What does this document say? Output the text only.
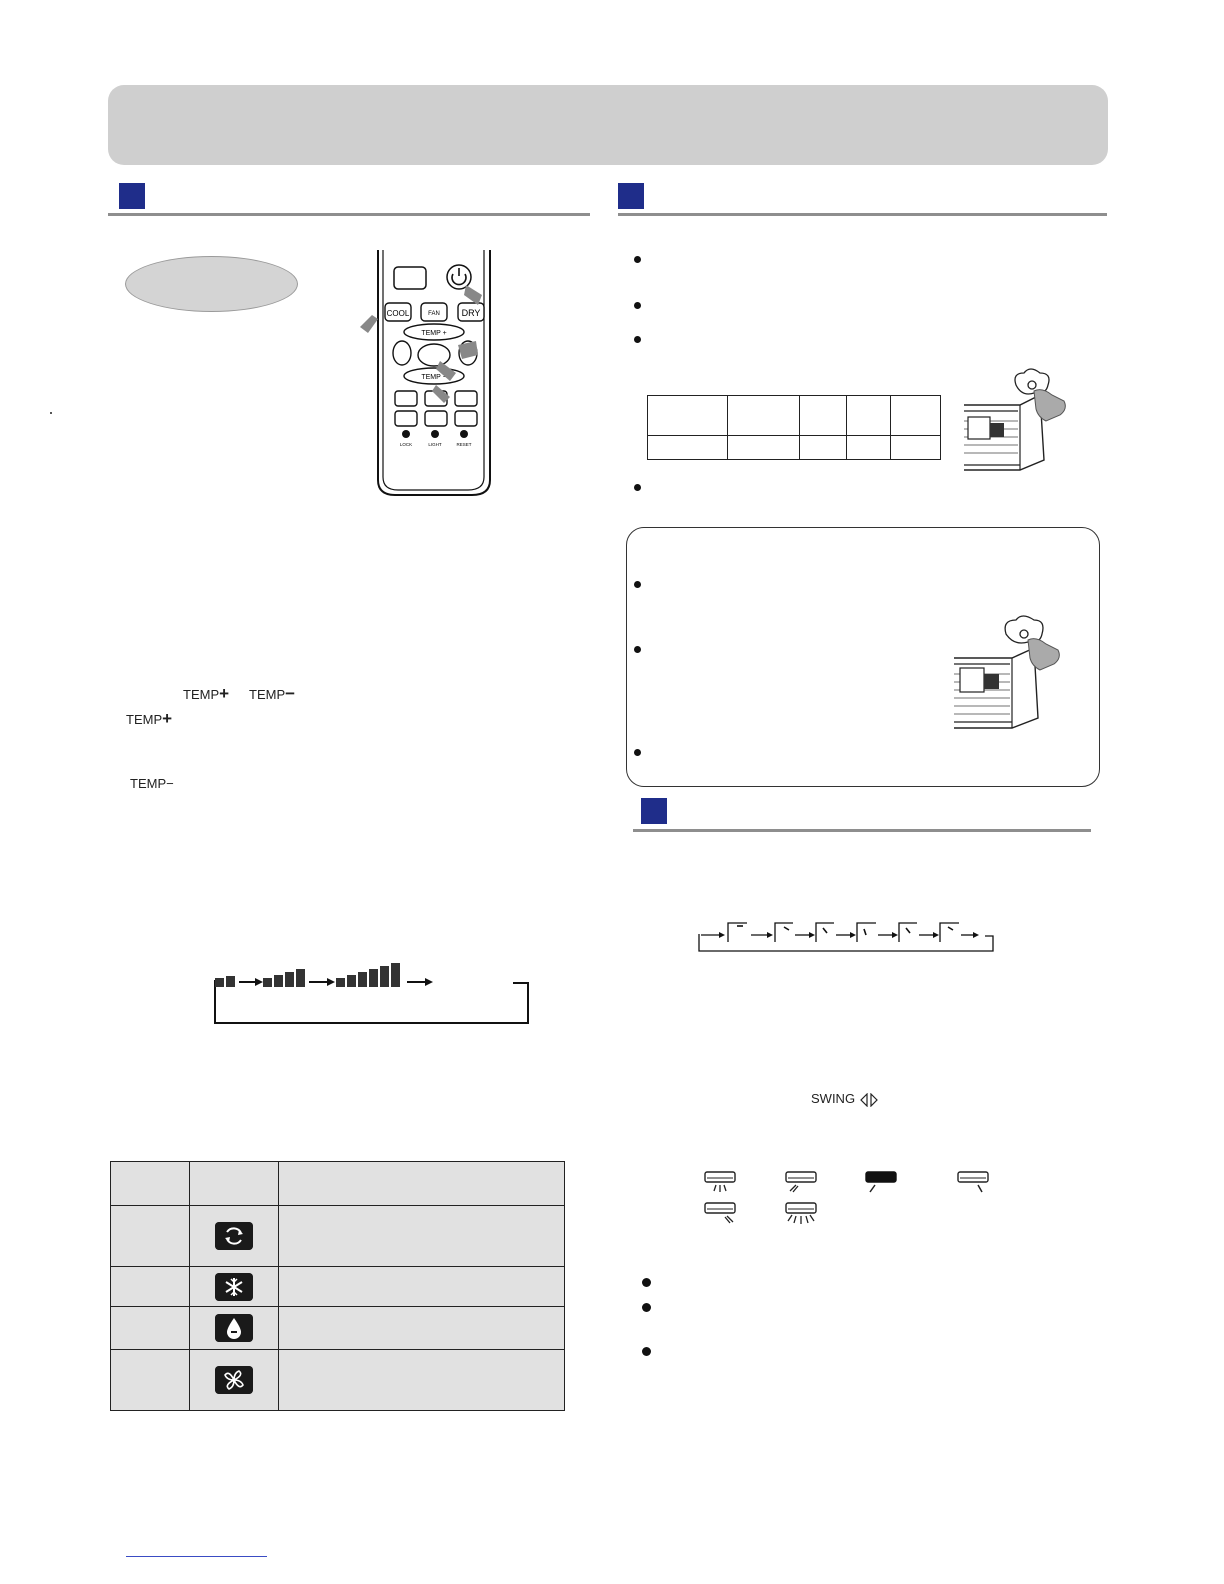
COOL	FAN DRY
TEMP +
TEMP −
LOCK	LIGHT	RESET
TEMP+ TEMP−
TEMP+
TEMP−

SWING
